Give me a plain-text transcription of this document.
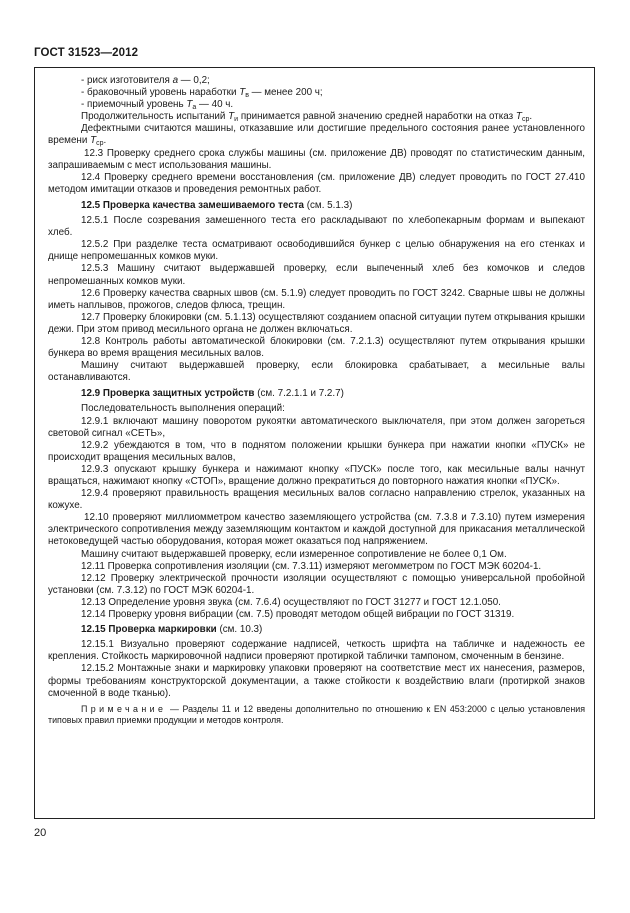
ГОСТ 31523—2012

- риск изготовителя a — 0,2;

- браковочный уровень наработки $T_в$ — менее 200 ч;

- приемочный уровень $T_а$ — 40 ч.

Продолжительность испытаний $T_и$ принимается равной значению средней наработки на отказ $T_{ср}$.

Дефектными считаются машины, отказавшие или достигшие предельного состояния ранее установленного времени $T_{ср}$.

12.3 Проверку среднего срока службы машины (см. приложение ДВ) проводят по статистическим данным, запрашиваемым с мест использования машины.

12.4 Проверку среднего времени восстановления (см. приложение ДВ) следует проводить по ГОСТ 27.410 методом имитации отказов и проведения ремонтных работ.

12.5 Проверка качества замешиваемого теста (см. 5.1.3)

12.5.1 После созревания замешенного теста его раскладывают по хлебопекарным формам и выпекают хлеб.

12.5.2 При разделке теста осматривают освободившийся бункер с целью обнаружения на его стенках и днище непромешанных комков муки.

12.5.3 Машину считают выдержавшей проверку, если выпеченный хлеб без комочков и следов непромешанных комков муки.

12.6 Проверку качества сварных швов (см. 5.1.9) следует проводить по ГОСТ 3242. Сварные швы не должны иметь наплывов, прожогов, следов флюса, трещин.

12.7 Проверку блокировки (см. 5.1.13) осуществляют созданием опасной ситуации путем открывания крышки дежи. При этом привод месильного органа не должен включаться.

12.8 Контроль работы автоматической блокировки (см. 7.2.1.3) осуществляют путем открывания крышки бункера во время вращения месильных валов.

Машину считают выдержавшей проверку, если блокировка срабатывает, а месильные валы останавливаются.

12.9 Проверка защитных устройств (см. 7.2.1.1 и 7.2.7)

Последовательность выполнения операций:

12.9.1 включают машину поворотом рукоятки автоматического выключателя, при этом должен загореться световой сигнал «СЕТЬ»,

12.9.2 убеждаются в том, что в поднятом положении крышки бункера при нажатии кнопки «ПУСК» не происходит вращения месильных валов,

12.9.3 опускают крышку бункера и нажимают кнопку «ПУСК» после того, как месильные валы начнут вращаться, нажимают кнопку «СТОП», вращение должно прекратиться до повторного нажатия кнопки «ПУСК».

12.9.4 проверяют правильность вращения месильных валов согласно направлению стрелок, указанных на кожухе.

12.10 проверяют миллиомметром качество заземляющего устройства (см. 7.3.8 и 7.3.10) путем измерения электрического сопротивления между заземляющим контактом и каждой доступной для прикасания металлической нетоковедущей частью оборудования, которая может оказаться под напряжением.

Машину считают выдержавшей проверку, если измеренное сопротивление не более 0,1 Ом.

12.11 Проверка сопротивления изоляции (см. 7.3.11) измеряют мегомметром по ГОСТ МЭК 60204-1.

12.12 Проверку электрической прочности изоляции осуществляют с помощью универсальной пробойной установки (см. 7.3.12) по ГОСТ МЭК 60204-1.

12.13 Определение уровня звука (см. 7.6.4) осуществляют по ГОСТ 31277 и ГОСТ 12.1.050.

12.14 Проверку уровня вибрации (см. 7.5) проводят методом общей вибрации по ГОСТ 31319.

12.15 Проверка маркировки (см. 10.3)

12.15.1 Визуально проверяют содержание надписей, четкость шрифта на табличке и надежность ее крепления. Стойкость маркировочной надписи проверяют протиркой таблички тампоном, смоченным в бензине.

12.15.2 Монтажные знаки и маркировку упаковки проверяют на соответствие мест их нанесения, размеров, формы требованиям конструкторской документации, а также стойкости к воздействию влаги (протиркой знаков смоченной в воде тканью).

Примечание — Разделы 11 и 12 введены дополнительно по отношению к EN 453:2000 с целью установления типовых правил приемки продукции и методов контроля.

20
